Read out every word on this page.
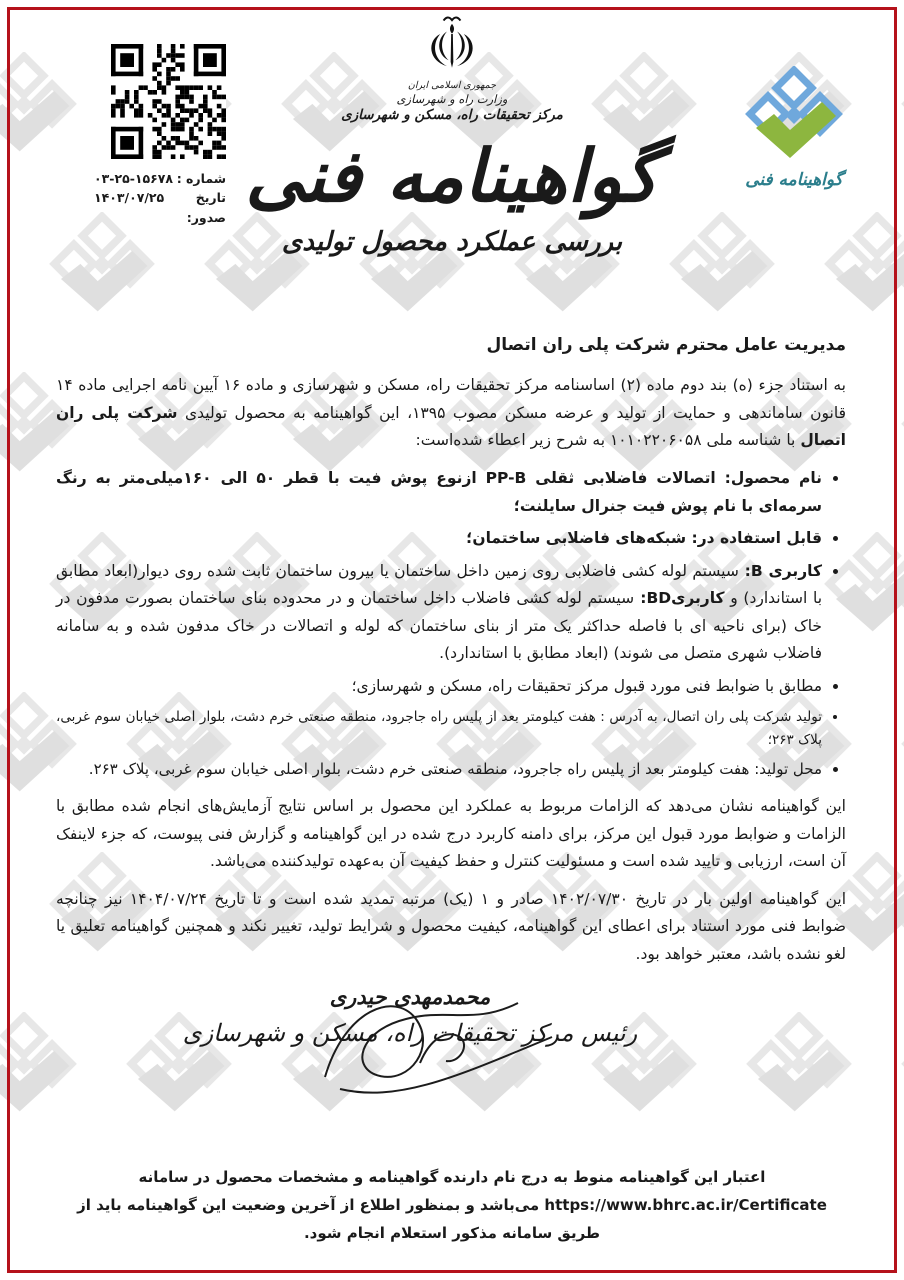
شماره :
۰۳-۲۵-۱۵۶۷۸
تاریخ صدور:
۱۴۰۳/۰۷/۲۵
جمهوری اسلامی ایران
وزارت راه و شهرسازی
مرکز تحقیقات راه، مسکن و شهرسازی
گواهینامه فنی
گواهینامه فنی
بررسی عملکرد محصول تولیدی
مدیریت عامل محترم شرکت پلی ران اتصال

به استناد جزء (ه) بند دوم ماده (۲) اساسنامه مرکز تحقیقات راه، مسکن و شهرسازی و ماده ۱۶ آیین نامه اجرایی ماده ۱۴ قانون ساماندهی و حمایت از تولید و عرضه مسکن مصوب ۱۳۹۵، این گواهینامه به محصول تولیدی شرکت پلی ران اتصال با شناسه ملی ۱۰۱۰۲۲۰۶۰۵۸ به شرح زیر اعطاء شده‌است:

• نام محصول: اتصالات فاضلابی ثقلی PP-B ازنوع پوش فیت با قطر ۵۰ الی ۱۶۰میلی‌متر به رنگ سرمه‌ای با نام پوش فیت جنرال سایلنت؛
• قابل استفاده در: شبکه‌های فاضلابی ساختمان؛
• کاربری B: سیستم لوله کشی فاضلابی روی زمین داخل ساختمان یا بیرون ساختمان ثابت شده روی دیوار(ابعاد مطابق با استاندارد) و کاربریBD: سیستم لوله کشی فاضلاب داخل ساختمان و در محدوده بنای ساختمان بصورت مدفون در خاک (برای ناحیه ای با فاصله حداکثر یک متر از بنای ساختمان که لوله و اتصالات در خاک مدفون شده و به سامانه فاضلاب شهری متصل می شوند) (ابعاد مطابق با استاندارد).
• مطابق با ضوابط فنی مورد قبول مرکز تحقیقات راه، مسکن و شهرسازی؛
• تولید شرکت پلی ران اتصال، به آدرس : هفت کیلومتر بعد از پلیس راه جاجرود، منطقه صنعتی خرم دشت، بلوار اصلی خیابان سوم غربی، پلاک ۲۶۳؛
• محل تولید: هفت کیلومتر بعد از پلیس راه جاجرود، منطقه صنعتی خرم دشت، بلوار اصلی خیابان سوم غربی، پلاک ۲۶۳.

این گواهینامه نشان می‌دهد که الزامات مربوط به عملکرد این محصول بر اساس نتایج آزمایش‌های انجام شده مطابق با الزامات و ضوابط مورد قبول این مرکز، برای دامنه کاربرد درج شده در این گواهینامه و گزارش فنی پیوست، که جزء لاینفک آن است، ارزیابی و تایید شده است و مسئولیت کنترل و حفظ کیفیت آن به‌عهده تولیدکننده می‌باشد.

این گواهینامه اولین بار در تاریخ ۱۴۰۲/۰۷/۳۰ صادر و ۱ (یک) مرتبه تمدید شده است و تا تاریخ ۱۴۰۴/۰۷/۲۴ نیز چنانچه ضوابط فنی مورد استناد برای اعطای این گواهینامه، کیفیت محصول و شرایط تولید، تغییر نکند و همچنین گواهینامه تعلیق یا لغو نشده باشد، معتبر خواهد بود.

محمدمهدی حیدری
رئیس مرکز تحقیقات راه، مسکن و شهرسازی
اعتبار این گواهینامه منوط به درج نام دارنده گواهینامه و مشخصات محصول در سامانه https://www.bhrc.ac.ir/Certificate می‌باشد و بمنظور اطلاع از آخرین وضعیت این گواهینامه باید از طریق سامانه مذکور استعلام انجام شود.
